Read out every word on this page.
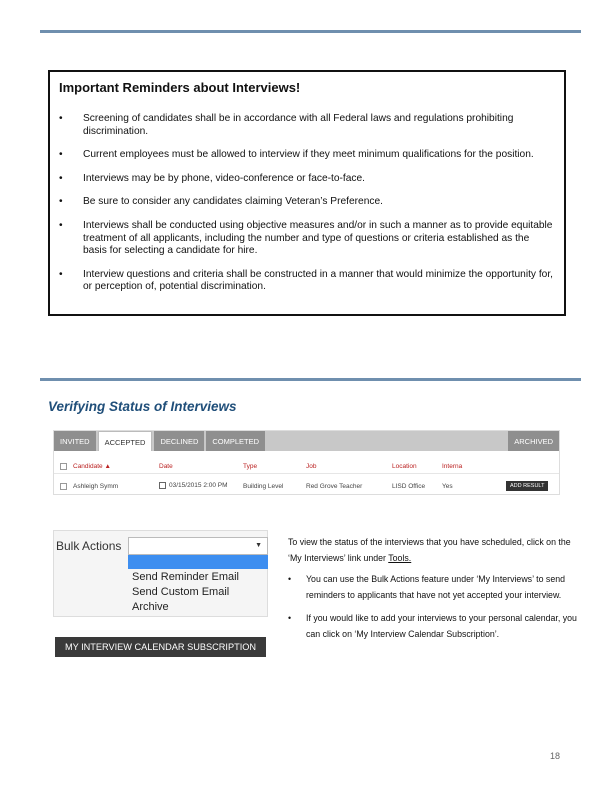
Important Reminders about Interviews!
• Screening of candidates shall be in accordance with all Federal laws and regulations prohibiting discrimination.
• Current employees must be allowed to interview if they meet minimum qualifications for the position.
• Interviews may be by phone, video-conference or face-to-face.
• Be sure to consider any candidates claiming Veteran’s Preference.
• Interviews shall be conducted using objective measures and/or in such a manner as to provide equitable treatment of all applicants, including the number and type of questions or criteria established as the basis for selecting a candidate for hire.
• Interview questions and criteria shall be constructed in a manner that would minimize the opportunity for, or perception of, potential discrimination.
Verifying Status of Interviews
INVITED	ACCEPTED	DECLINED	COMPLETED	ARCHIVED
Candidate ▲	Date	Type	Job	Location	Interna
Ashleigh Symm	03/15/2015 2:00 PM	Building Level	Red Grove Teacher	LISD Office	Yes	ADD RESULT
Bulk Actions	▼
Send Reminder Email
Send Custom Email
Archive
MY INTERVIEW CALENDAR SUBSCRIPTION
To view the status of the interviews that you have scheduled, click on the ‘My Interviews’ link under Tools.
• You can use the Bulk Actions feature under ‘My Interviews’ to send reminders to applicants that have not yet accepted your interview.
• If you would like to add your interviews to your personal calendar, you can click on ‘My Interview Calendar Subscription’.
18
